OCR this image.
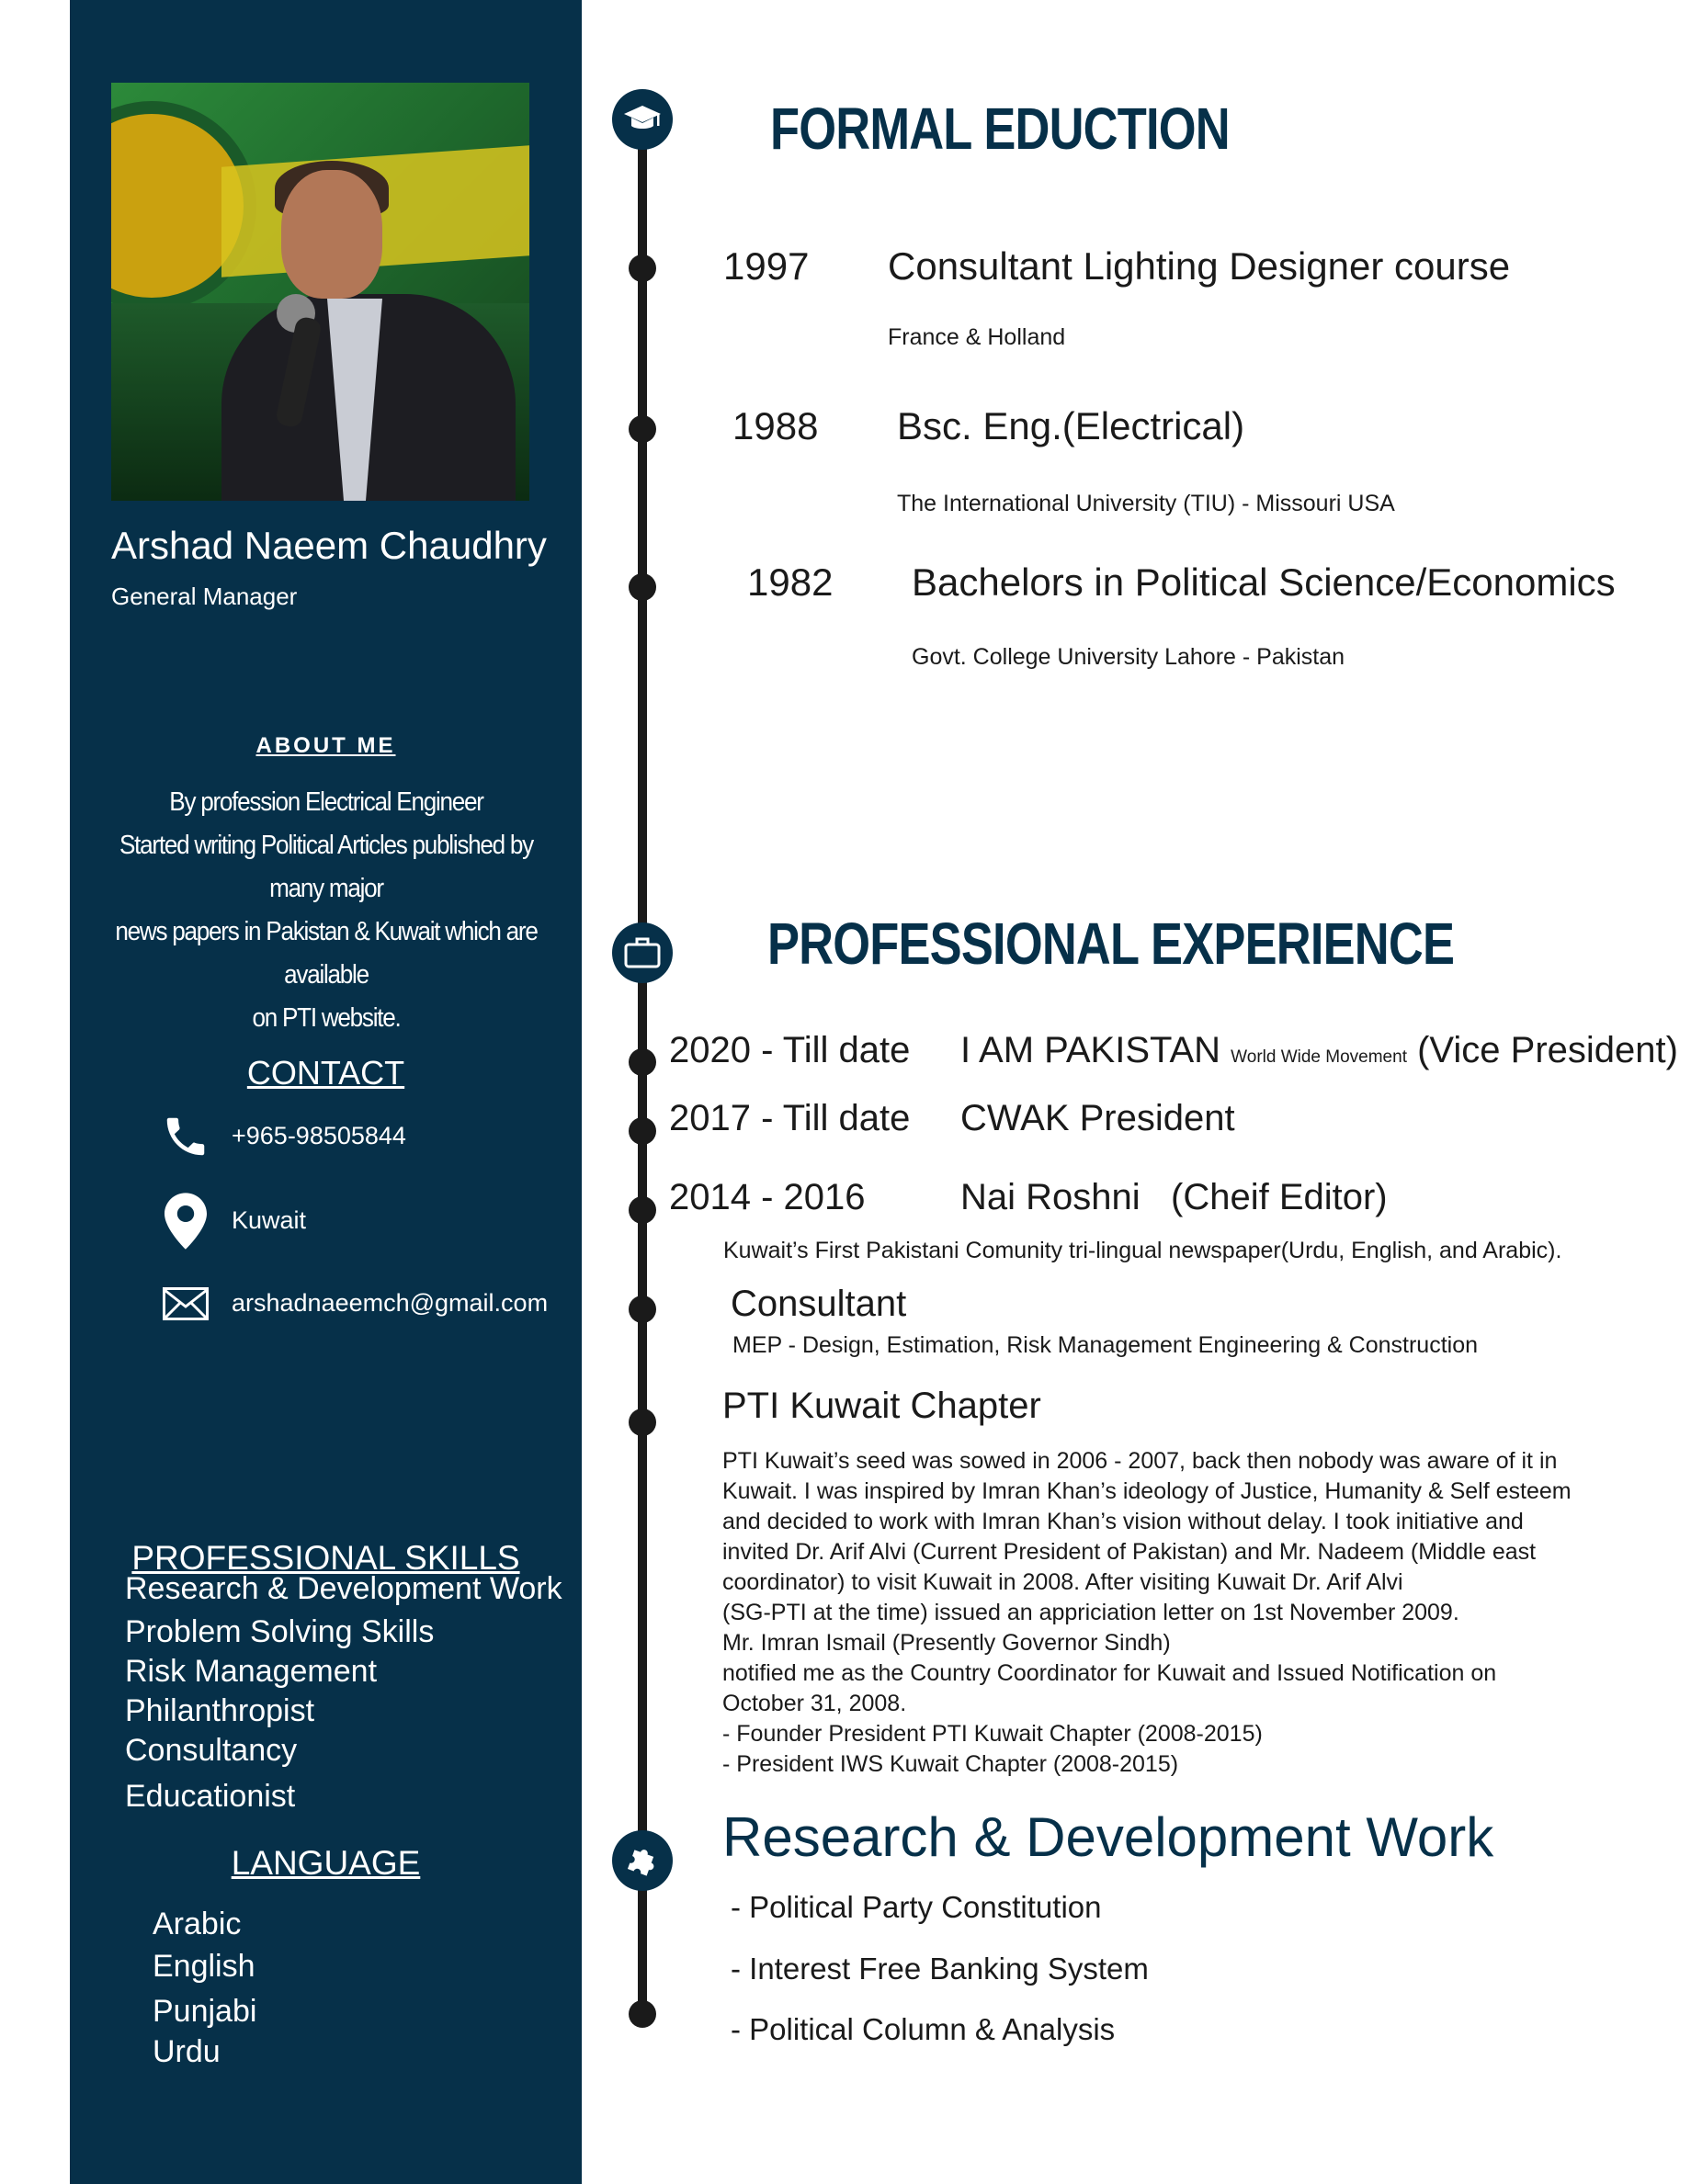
Arshad Naeem Chaudhry
General Manager
ABOUT ME
By profession Electrical Engineer
Started writing Political Articles published by many major
news papers in Pakistan & Kuwait which are available
on PTI website.
CONTACT
+965-98505844
Kuwait
arshadnaeemch@gmail.com
PROFESSIONAL SKILLS
Research & Development Work
Problem Solving Skills
Risk Management
Philanthropist
Consultancy
Educationist
LANGUAGE
Arabic
English
Punjabi
Urdu
FORMAL EDUCTION
1997 Consultant Lighting Designer course
France & Holland
1988 Bsc. Eng.(Electrical)
The International University (TIU) - Missouri USA
1982 Bachelors in Political Science/Economics
Govt. College University Lahore - Pakistan
PROFESSIONAL EXPERIENCE
2020 - Till date I AM PAKISTAN World Wide Movement (Vice President)
2017 - Till date CWAK President
2014 - 2016	Nai Roshni (Cheif Editor)
Kuwait’s First Pakistani Comunity tri-lingual newspaper(Urdu, English, and Arabic).
Consultant
MEP - Design, Estimation, Risk Management Engineering & Construction
PTI Kuwait Chapter
PTI Kuwait’s seed was sowed in 2006 - 2007, back then nobody was aware of it in
Kuwait. I was inspired by Imran Khan’s ideology of Justice, Humanity & Self esteem
and decided to work with Imran Khan’s vision without delay. I took initiative and
invited Dr. Arif Alvi (Current President of Pakistan) and Mr. Nadeem (Middle east
coordinator) to visit Kuwait in 2008. After visiting Kuwait Dr. Arif Alvi
(SG-PTI at the time) issued an appriciation letter on 1st November 2009.
Mr. Imran Ismail (Presently Governor Sindh)
notified me as the Country Coordinator for Kuwait and Issued Notification on
October 31, 2008.
- Founder President PTI Kuwait Chapter (2008-2015)
- President IWS Kuwait Chapter (2008-2015)
Research & Development Work
- Political Party Constitution
- Interest Free Banking System
- Political Column & Analysis
